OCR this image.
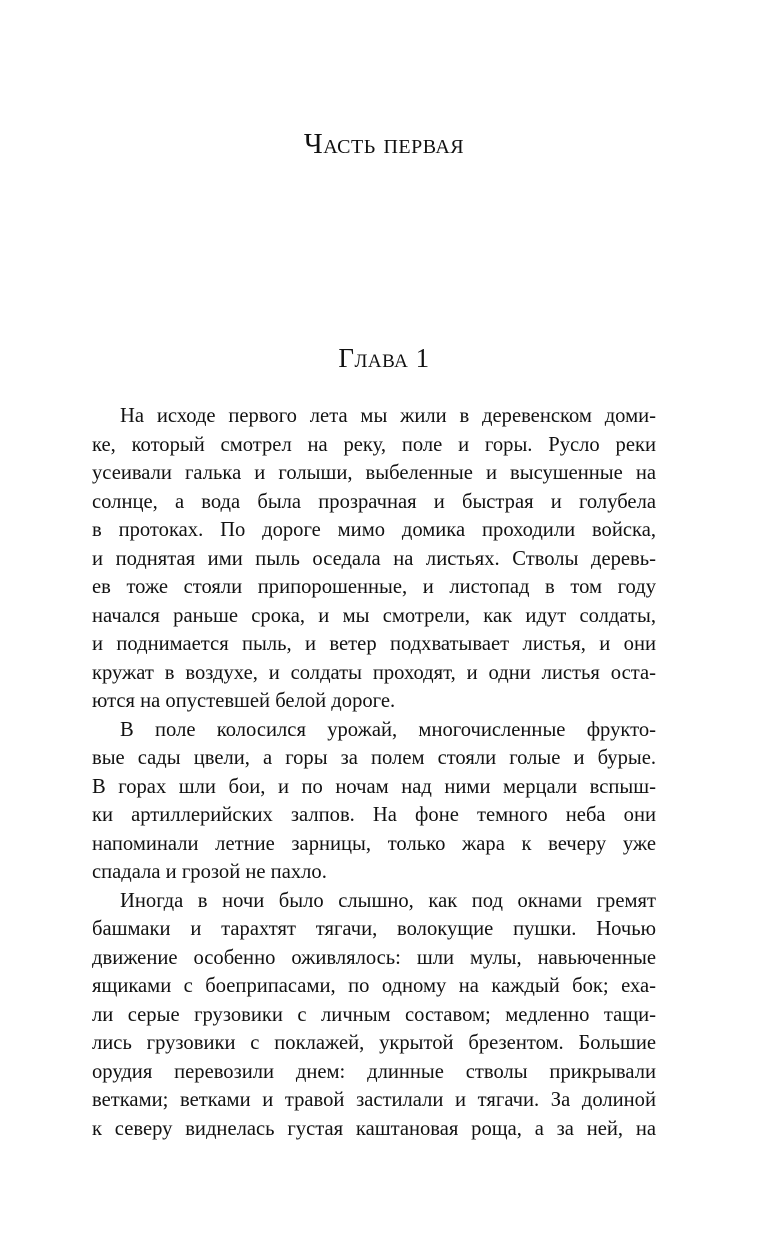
Часть первая
Глава 1
На исходе первого лета мы жили в деревенском доми-
ке, который смотрел на реку, поле и горы. Русло реки
усеивали галька и голыши, выбеленные и высушенные на
солнце, а вода была прозрачная и быстрая и голубела
в протоках. По дороге мимо домика проходили войска,
и поднятая ими пыль оседала на листьях. Стволы деревь-
ев тоже стояли припорошенные, и листопад в том году
начался раньше срока, и мы смотрели, как идут солдаты,
и поднимается пыль, и ветер подхватывает листья, и они
кружат в воздухе, и солдаты проходят, и одни листья оста-
ются на опустевшей белой дороге.
В поле колосился урожай, многочисленные фрукто-
вые сады цвели, а горы за полем стояли голые и бурые.
В горах шли бои, и по ночам над ними мерцали вспыш-
ки артиллерийских залпов. На фоне темного неба они
напоминали летние зарницы, только жара к вечеру уже
спадала и грозой не пахло.
Иногда в ночи было слышно, как под окнами гремят
башмаки и тарахтят тягачи, волокущие пушки. Ночью
движение особенно оживлялось: шли мулы, навьюченные
ящиками с боеприпасами, по одному на каждый бок; еха-
ли серые грузовики с личным составом; медленно тащи-
лись грузовики с поклажей, укрытой брезентом. Большие
орудия перевозили днем: длинные стволы прикрывали
ветками; ветками и травой застилали и тягачи. За долиной
к северу виднелась густая каштановая роща, а за ней, на
